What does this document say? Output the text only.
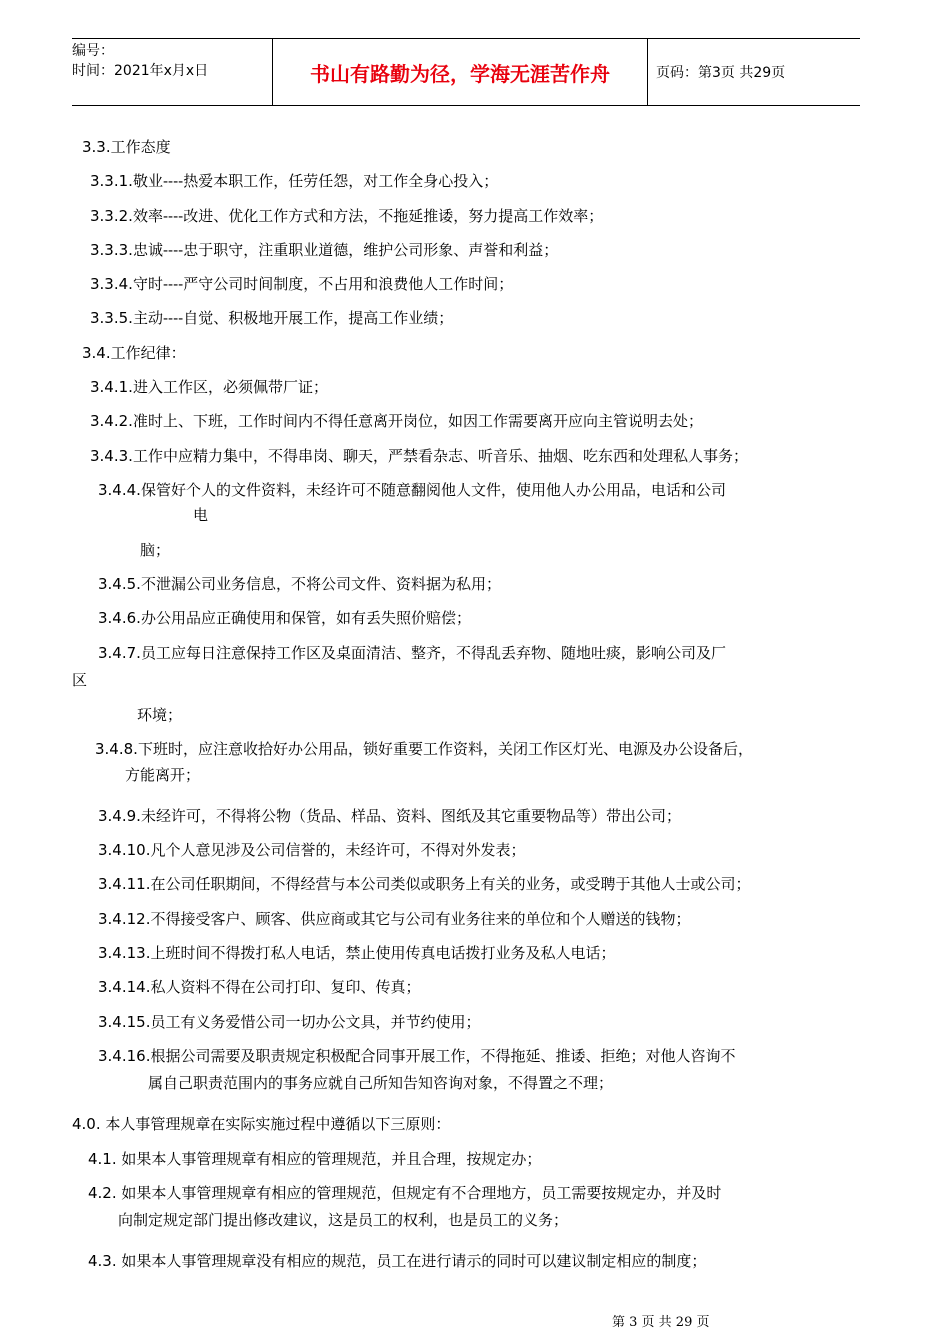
编号：
时间：2021年x月x日	书山有路勤为径，学海无涯苦作舟	页码：第3页 共29页
3.3.工作态度
3.3.1.敬业----热爱本职工作，任劳任怨，对工作全身心投入；
3.3.2.效率----改进、优化工作方式和方法，不拖延推诿，努力提高工作效率；
3.3.3.忠诚----忠于职守，注重职业道德，维护公司形象、声誉和利益；
3.3.4.守时----严守公司时间制度，不占用和浪费他人工作时间；
3.3.5.主动----自觉、积极地开展工作，提高工作业绩；
3.4.工作纪律：
3.4.1.进入工作区，必须佩带厂证；
3.4.2.准时上、下班，工作时间内不得任意离开岗位，如因工作需要离开应向主管说明去处；
3.4.3.工作中应精力集中，不得串岗、聊天，严禁看杂志、听音乐、抽烟、吃东西和处理私人事务；
3.4.4.保管好个人的文件资料，未经许可不随意翻阅他人文件，使用他人办公用品，电话和公司
电
脑；
3.4.5.不泄漏公司业务信息，不将公司文件、资料据为私用；
3.4.6.办公用品应正确使用和保管，如有丢失照价赔偿；
3.4.7.员工应每日注意保持工作区及桌面清洁、整齐，不得乱丢弃物、随地吐痰，影响公司及厂
区
环境；
3.4.8.下班时，应注意收拾好办公用品，锁好重要工作资料，关闭工作区灯光、电源及办公设备后，
方能离开；
3.4.9.未经许可，不得将公物（货品、样品、资料、图纸及其它重要物品等）带出公司；
3.4.10.凡个人意见涉及公司信誉的，未经许可，不得对外发表；
3.4.11.在公司任职期间，不得经营与本公司类似或职务上有关的业务，或受聘于其他人士或公司；
3.4.12.不得接受客户、顾客、供应商或其它与公司有业务往来的单位和个人赠送的钱物；
3.4.13.上班时间不得拨打私人电话，禁止使用传真电话拨打业务及私人电话；
3.4.14.私人资料不得在公司打印、复印、传真；
3.4.15.员工有义务爱惜公司一切办公文具，并节约使用；
3.4.16.根据公司需要及职责规定积极配合同事开展工作，不得拖延、推诿、拒绝；对他人咨询不
属自己职责范围内的事务应就自己所知告知咨询对象，不得置之不理；
4.0. 本人事管理规章在实际实施过程中遵循以下三原则：
4.1. 如果本人事管理规章有相应的管理规范，并且合理，按规定办；
4.2. 如果本人事管理规章有相应的管理规范，但规定有不合理地方，员工需要按规定办，并及时
向制定规定部门提出修改建议，这是员工的权利，也是员工的义务；
4.3. 如果本人事管理规章没有相应的规范，员工在进行请示的同时可以建议制定相应的制度；
第 3 页 共 29 页
